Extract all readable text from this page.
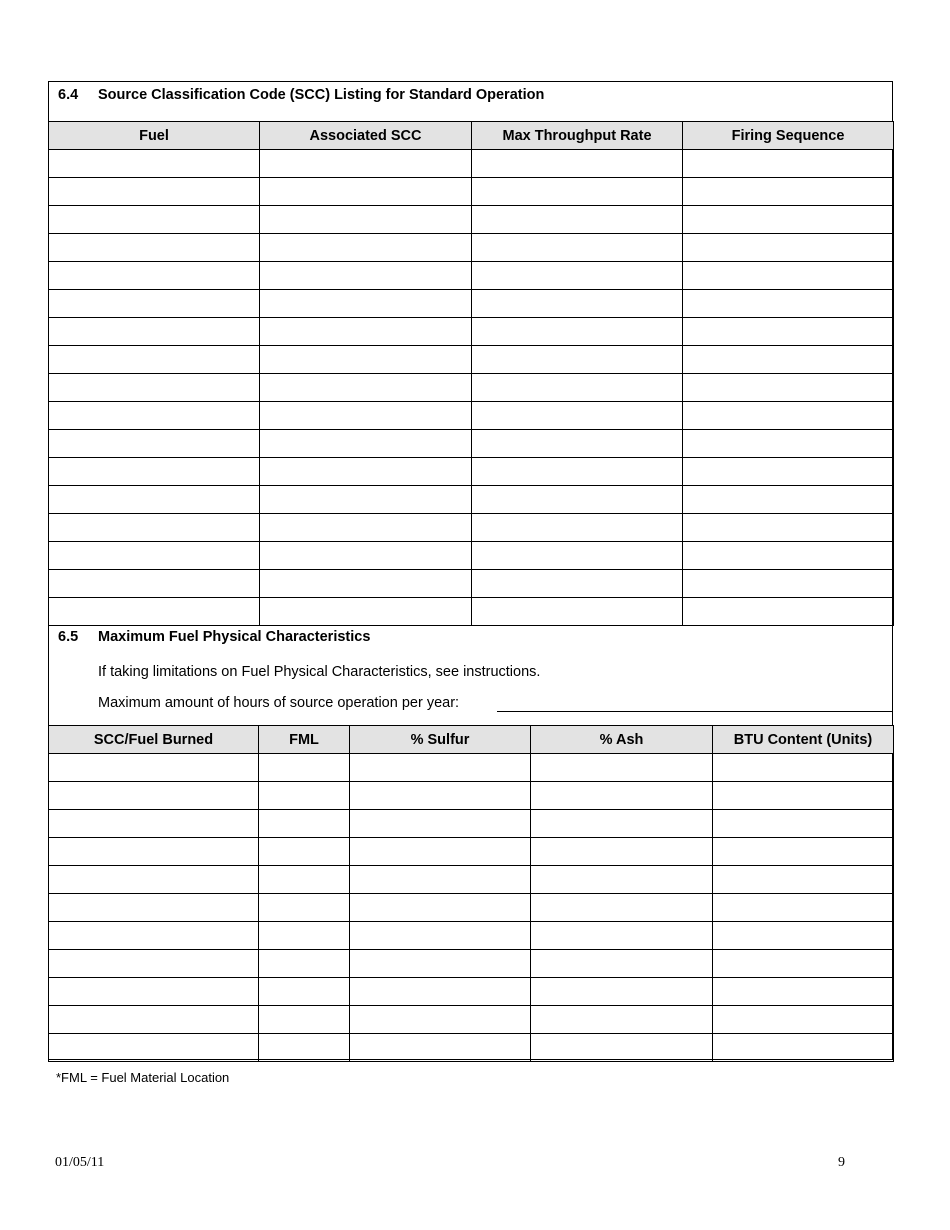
6.4 Source Classification Code (SCC) Listing for Standard Operation
Fuel	Associated SCC	Max Throughput Rate	Firing Sequence

6.5 Maximum Fuel Physical Characteristics
If taking limitations on Fuel Physical Characteristics, see instructions.
Maximum amount of hours of source operation per year:
SCC/Fuel Burned	FML	% Sulfur	% Ash	BTU Content (Units)

*FML = Fuel Material Location
01/05/11	9
